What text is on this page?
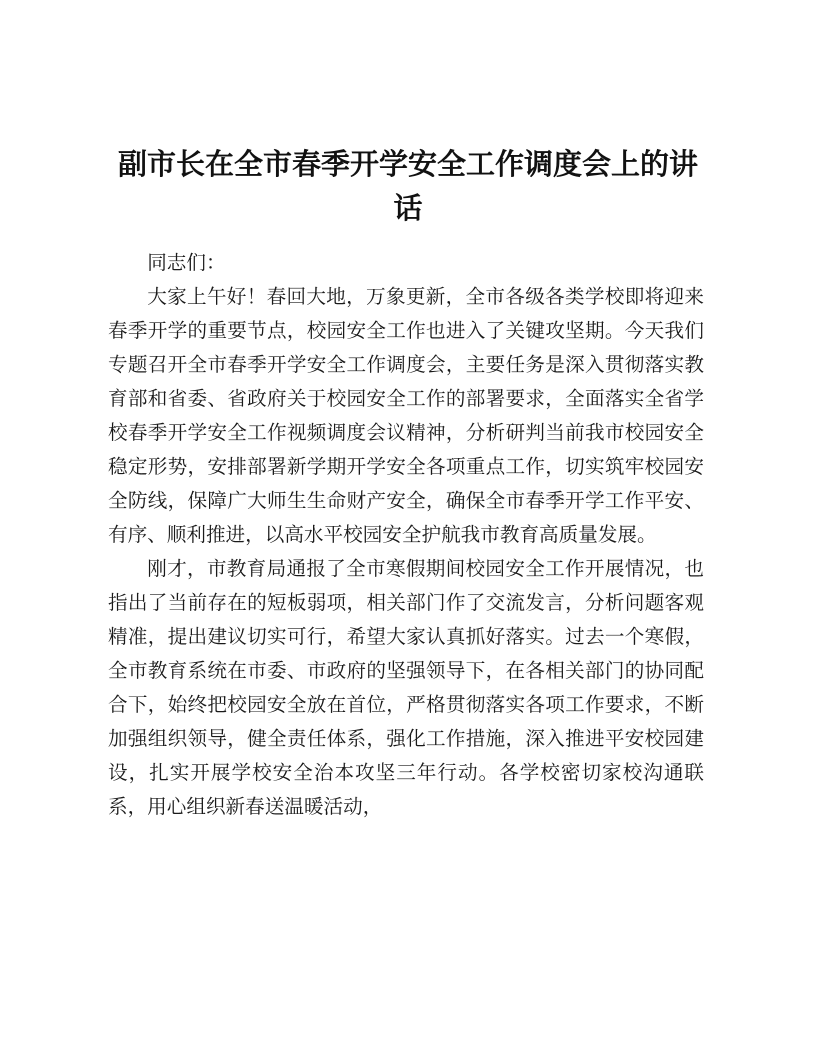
副市长在全市春季开学安全工作调度会上的讲话

同志们：

大家上午好！春回大地，万象更新，全市各级各类学校即将迎来春季开学的重要节点，校园安全工作也进入了关键攻坚期。今天我们专题召开全市春季开学安全工作调度会，主要任务是深入贯彻落实教育部和省委、省政府关于校园安全工作的部署要求，全面落实全省学校春季开学安全工作视频调度会议精神，分析研判当前我市校园安全稳定形势，安排部署新学期开学安全各项重点工作，切实筑牢校园安全防线，保障广大师生生命财产安全，确保全市春季开学工作平安、有序、顺利推进，以高水平校园安全护航我市教育高质量发展。

刚才，市教育局通报了全市寒假期间校园安全工作开展情况，也指出了当前存在的短板弱项，相关部门作了交流发言，分析问题客观精准，提出建议切实可行，希望大家认真抓好落实。过去一个寒假，全市教育系统在市委、市政府的坚强领导下，在各相关部门的协同配合下，始终把校园安全放在首位，严格贯彻落实各项工作要求，不断加强组织领导，健全责任体系，强化工作措施，深入推进平安校园建设，扎实开展学校安全治本攻坚三年行动。各学校密切家校沟通联系，用心组织新春送温暖活动，
